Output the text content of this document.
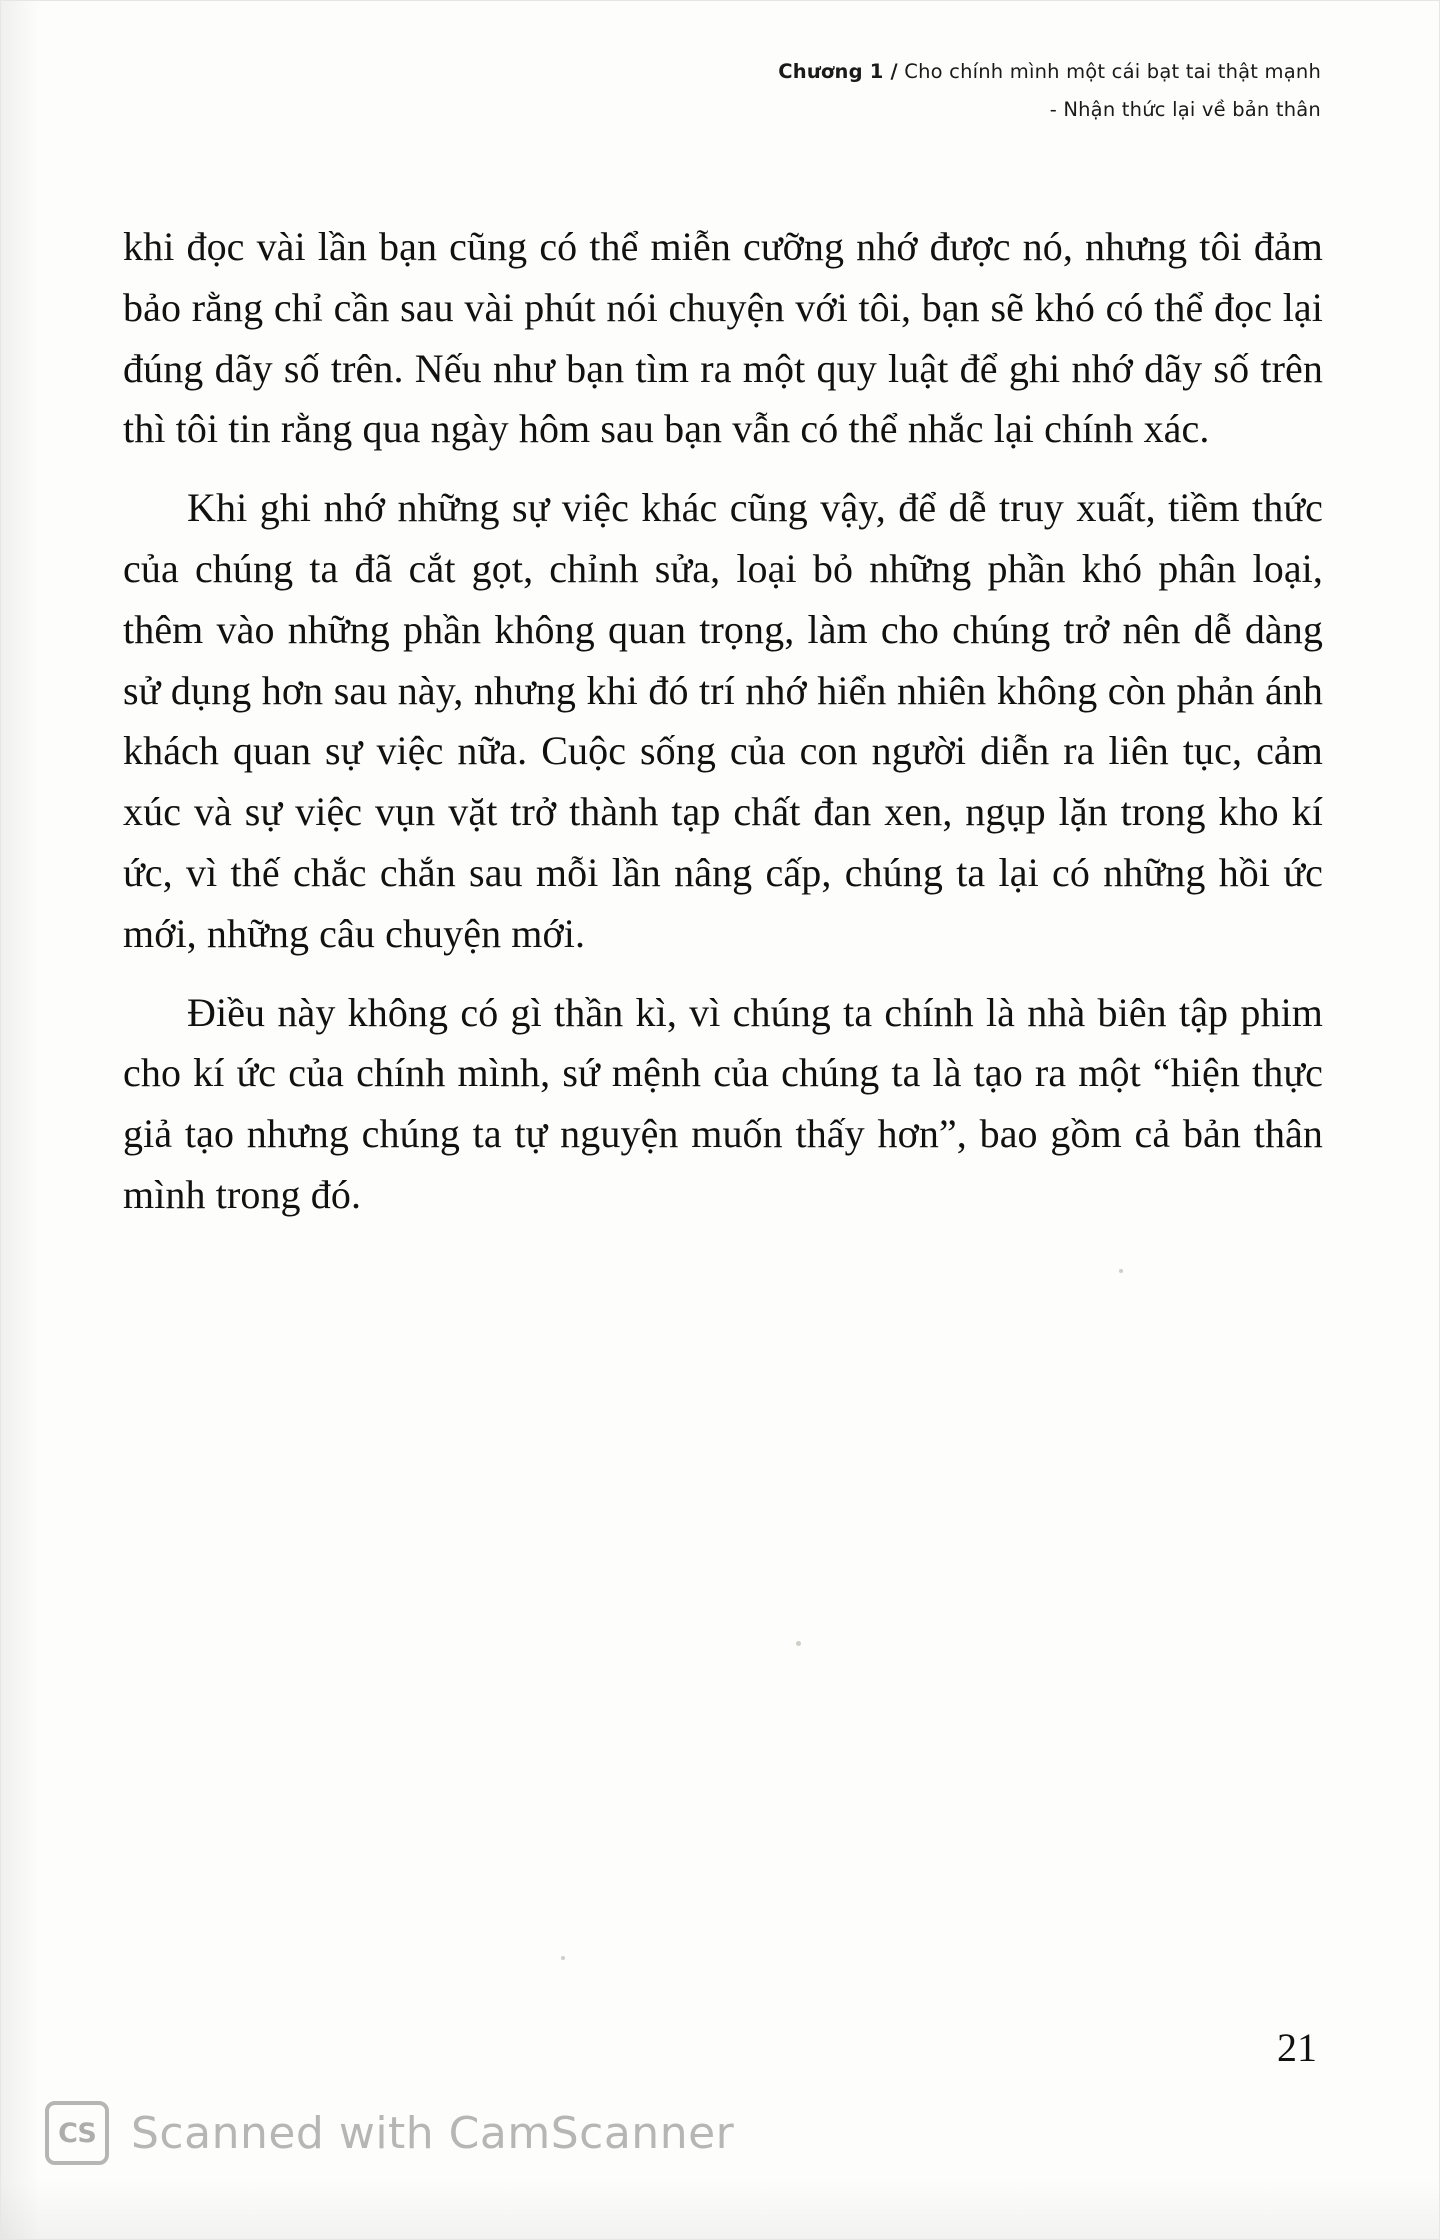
Chương 1 / Cho chính mình một cái bạt tai thật mạnh
- Nhận thức lại về bản thân

khi đọc vài lần bạn cũng có thể miễn cưỡng nhớ được nó, nhưng tôi đảm bảo rằng chỉ cần sau vài phút nói chuyện với tôi, bạn sẽ khó có thể đọc lại đúng dãy số trên. Nếu như bạn tìm ra một quy luật để ghi nhớ dãy số trên thì tôi tin rằng qua ngày hôm sau bạn vẫn có thể nhắc lại chính xác.

Khi ghi nhớ những sự việc khác cũng vậy, để dễ truy xuất, tiềm thức của chúng ta đã cắt gọt, chỉnh sửa, loại bỏ những phần khó phân loại, thêm vào những phần không quan trọng, làm cho chúng trở nên dễ dàng sử dụng hơn sau này, nhưng khi đó trí nhớ hiển nhiên không còn phản ánh khách quan sự việc nữa. Cuộc sống của con người diễn ra liên tục, cảm xúc và sự việc vụn vặt trở thành tạp chất đan xen, ngụp lặn trong kho kí ức, vì thế chắc chắn sau mỗi lần nâng cấp, chúng ta lại có những hồi ức mới, những câu chuyện mới.

Điều này không có gì thần kì, vì chúng ta chính là nhà biên tập phim cho kí ức của chính mình, sứ mệnh của chúng ta là tạo ra một “hiện thực giả tạo nhưng chúng ta tự nguyện muốn thấy hơn”, bao gồm cả bản thân mình trong đó.

21
CS Scanned with CamScanner
